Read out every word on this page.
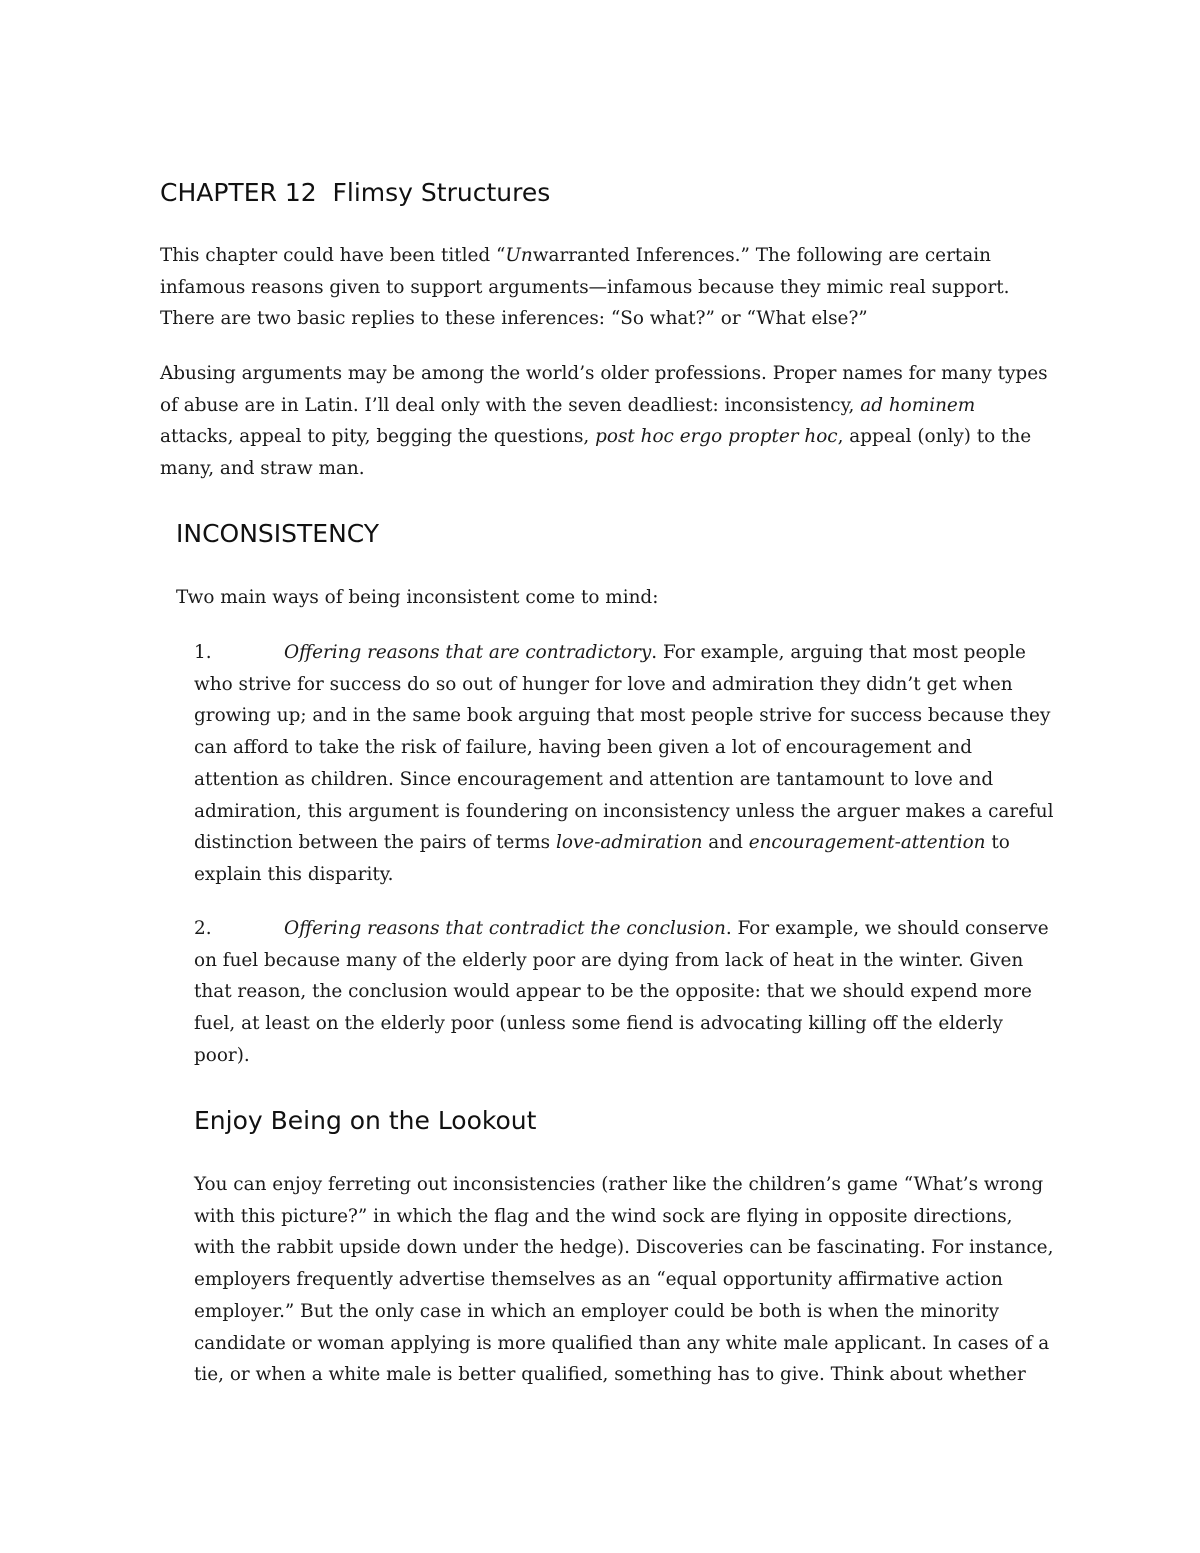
CHAPTER 12  Flimsy Structures
This chapter could have been titled “Unwarranted Inferences.” The following are certain
infamous reasons given to support arguments—infamous because they mimic real support.
There are two basic replies to these inferences: “So what?” or “What else?”
Abusing arguments may be among the world’s older professions. Proper names for many types
of abuse are in Latin. I’ll deal only with the seven deadliest: inconsistency, ad hominem
attacks, appeal to pity, begging the questions, post hoc ergo propter hoc, appeal (only) to the
many, and straw man.
INCONSISTENCY
Two main ways of being inconsistent come to mind:
1.	Offering reasons that are contradictory. For example, arguing that most people
who strive for success do so out of hunger for love and admiration they didn’t get when
growing up; and in the same book arguing that most people strive for success because they
can afford to take the risk of failure, having been given a lot of encouragement and
attention as children. Since encouragement and attention are tantamount to love and
admiration, this argument is foundering on inconsistency unless the arguer makes a careful
distinction between the pairs of terms love-admiration and encouragement-attention to
explain this disparity.
2.	Offering reasons that contradict the conclusion. For example, we should conserve
on fuel because many of the elderly poor are dying from lack of heat in the winter. Given
that reason, the conclusion would appear to be the opposite: that we should expend more
fuel, at least on the elderly poor (unless some fiend is advocating killing off the elderly
poor).
Enjoy Being on the Lookout
You can enjoy ferreting out inconsistencies (rather like the children’s game “What’s wrong
with this picture?” in which the flag and the wind sock are flying in opposite directions,
with the rabbit upside down under the hedge). Discoveries can be fascinating. For instance,
employers frequently advertise themselves as an “equal opportunity affirmative action
employer.” But the only case in which an employer could be both is when the minority
candidate or woman applying is more qualified than any white male applicant. In cases of a
tie, or when a white male is better qualified, something has to give. Think about whether
